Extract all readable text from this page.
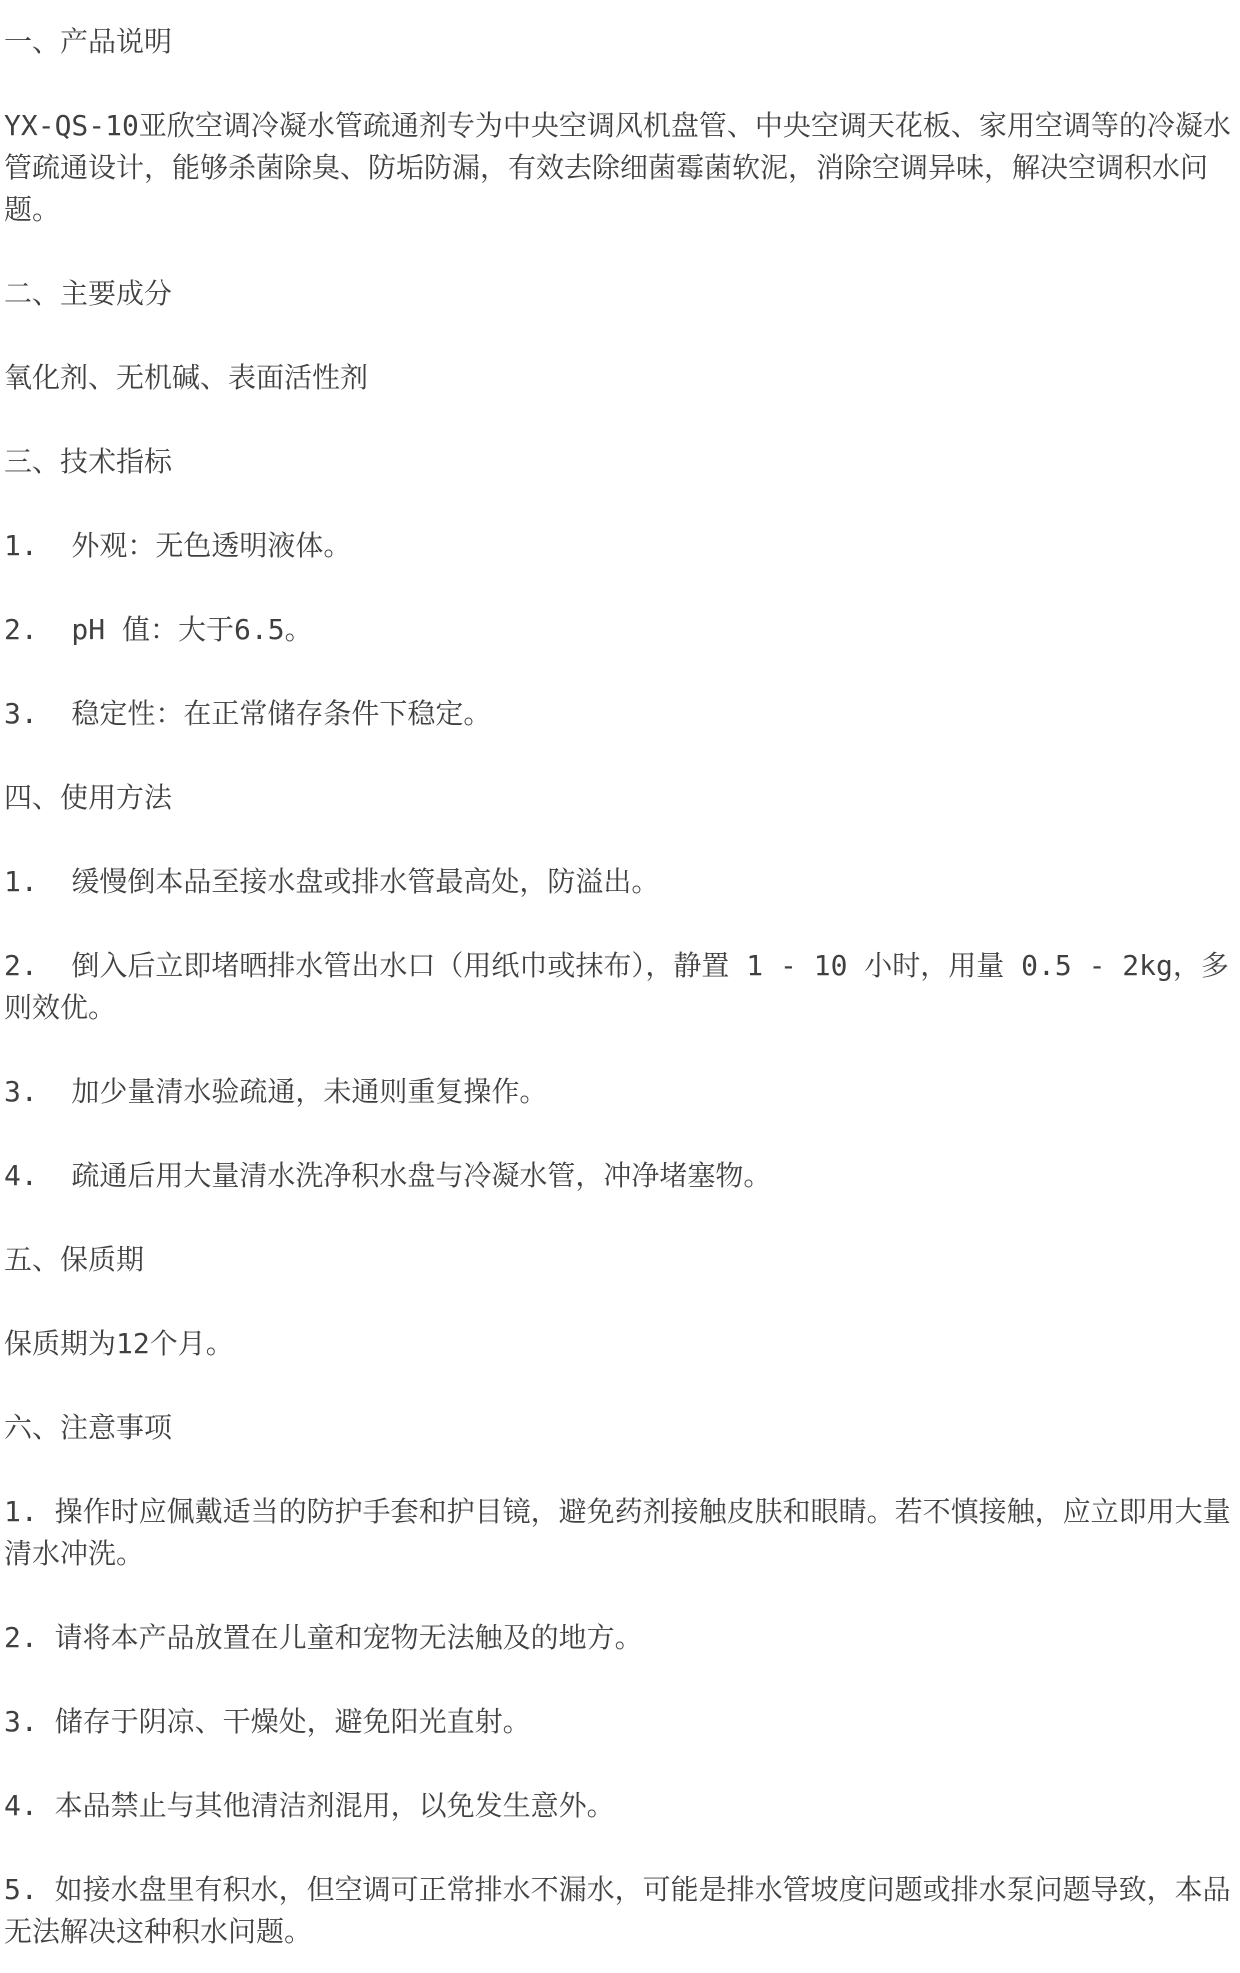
一、产品说明

YX-QS-10亚欣空调冷凝水管疏通剂专为中央空调风机盘管、中央空调天花板、家用空调等的冷凝水管疏通设计，能够杀菌除臭、防垢防漏，有效去除细菌霉菌软泥，消除空调异味，解决空调积水问题。

二、主要成分

氧化剂、无机碱、表面活性剂

三、技术指标

1.  外观：无色透明液体。

2.  pH 值：大于6.5。

3.  稳定性：在正常储存条件下稳定。

四、使用方法

1.  缓慢倒本品至接水盘或排水管最高处，防溢出。

2.  倒入后立即堵晒排水管出水口（用纸巾或抹布），静置 1 - 10 小时，用量 0.5 - 2kg，多则效优。

3.  加少量清水验疏通，未通则重复操作。

4.  疏通后用大量清水洗净积水盘与冷凝水管，冲净堵塞物。

五、保质期

保质期为12个月。

六、注意事项

1. 操作时应佩戴适当的防护手套和护目镜，避免药剂接触皮肤和眼睛。若不慎接触，应立即用大量清水冲洗。

2. 请将本产品放置在儿童和宠物无法触及的地方。

3. 储存于阴凉、干燥处，避免阳光直射。

4. 本品禁止与其他清洁剂混用，以免发生意外。

5. 如接水盘里有积水，但空调可正常排水不漏水，可能是排水管坡度问题或排水泵问题导致，本品无法解决这种积水问题。
